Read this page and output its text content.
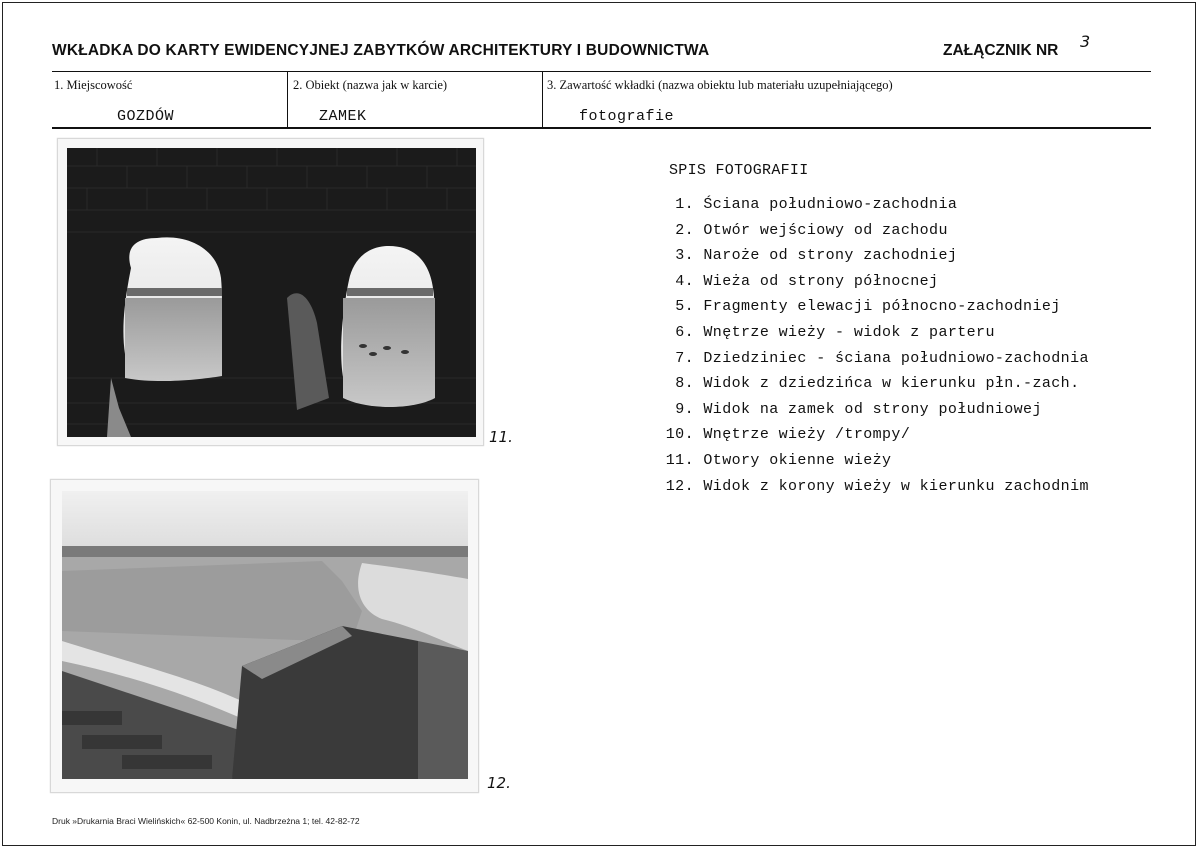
WKŁADKA DO KARTY EWIDENCYJNEJ ZABYTKÓW ARCHITEKTURY I BUDOWNICTWA	ZAŁĄCZNIK NR 3
1. Miejscowość
GOZDÓW
2. Obiekt (nazwa jak w karcie)
ZAMEK
3. Zawartość wkładki (nazwa obiektu lub materiału uzupełniającego)
fotografie
11.
12.
SPIS FOTOGRAFII
1. Ściana południowo-zachodnia
2. Otwór wejściowy od zachodu
3. Naroże od strony zachodniej
4. Wieża od strony północnej
5. Fragmenty elewacji północno-zachodniej
6. Wnętrze wieży - widok z parteru
7. Dziedziniec - ściana południowo-zachodnia
8. Widok z dziedzińca w kierunku płn.-zach.
9. Widok na zamek od strony południowej
10. Wnętrze wieży /trompy/
11. Otwory okienne wieży
12. Widok z korony wieży w kierunku zachodnim
Druk »Drukarnia Braci Wielińskich« 62-500 Konin, ul. Nadbrzeżna 1; tel. 42-82-72
